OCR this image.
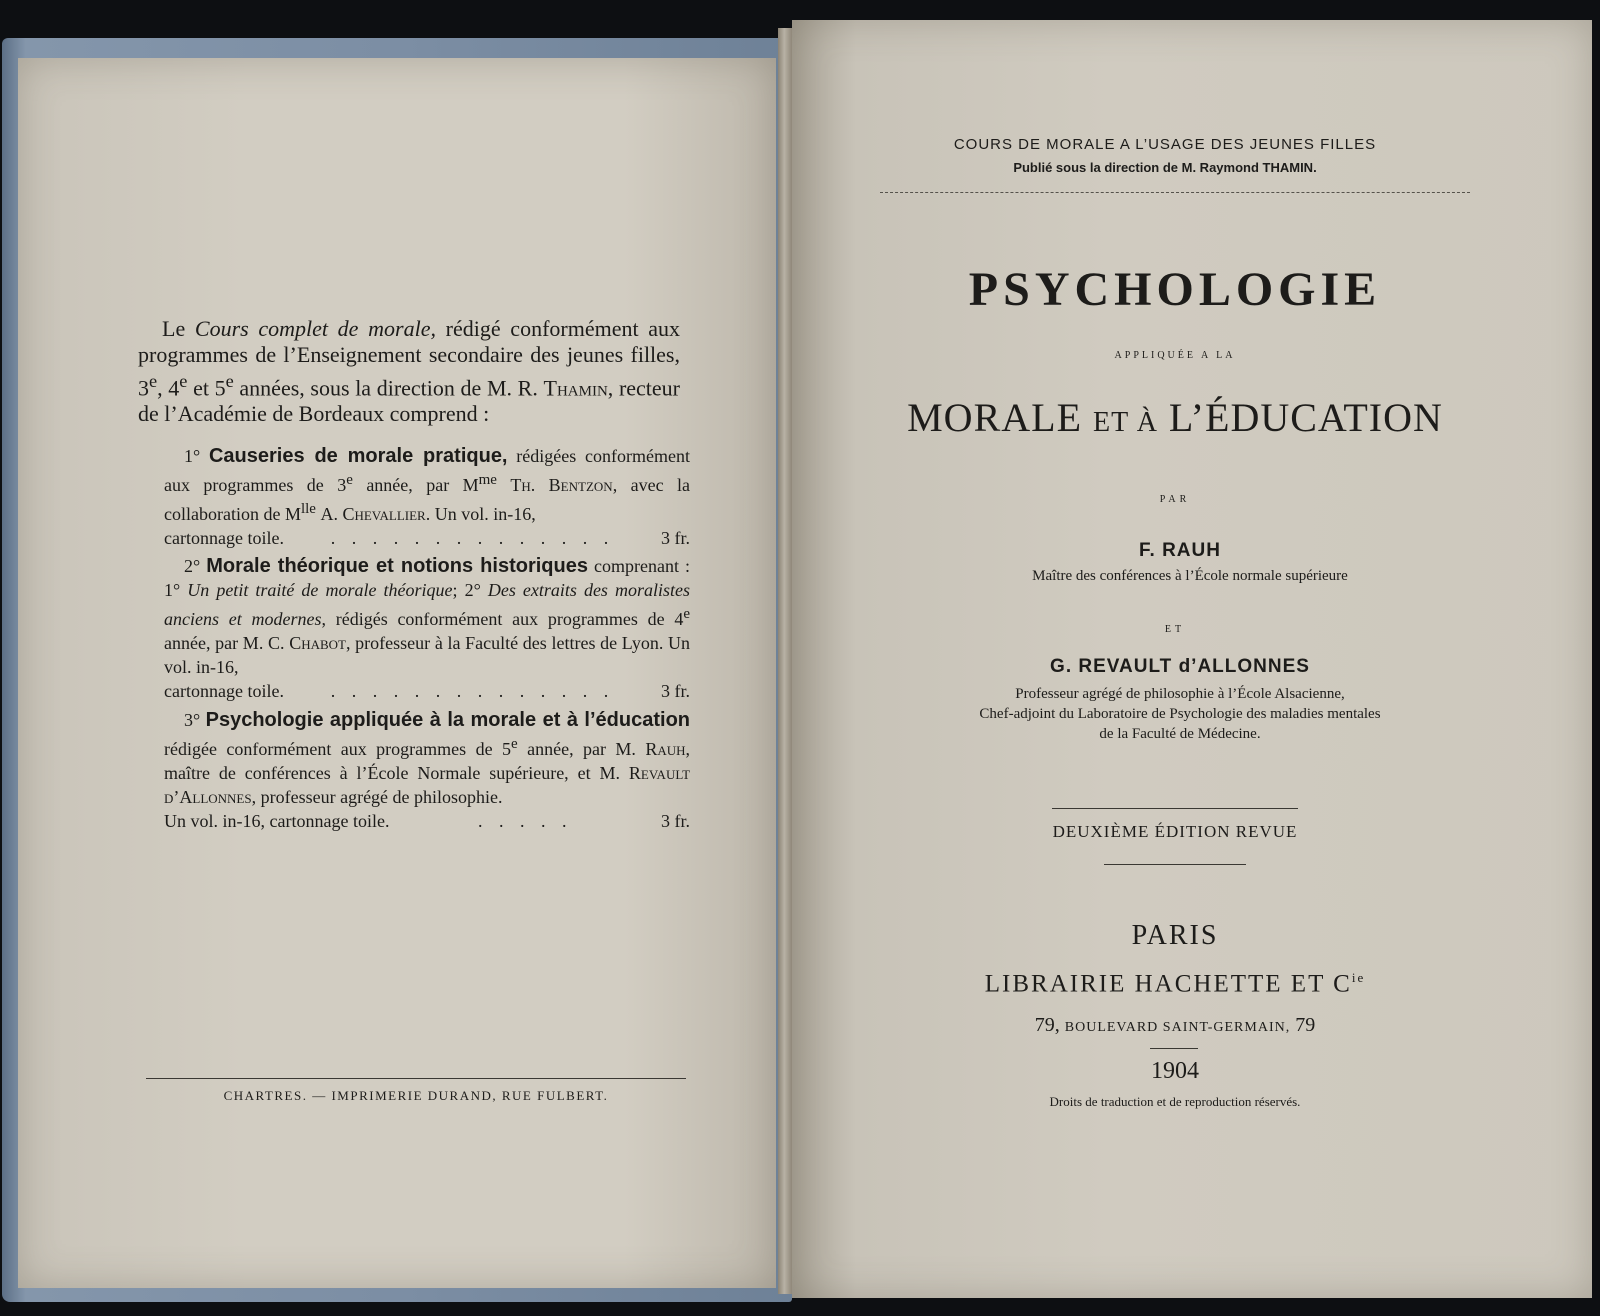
Le Cours complet de morale, rédigé conformément aux programmes de l’Enseignement secondaire des jeunes filles, 3e, 4e et 5e années, sous la direction de M. R. Thamin, recteur de l’Académie de Bordeaux comprend :
1° Causeries de morale pratique, rédigées conformément aux programmes de 3e année, par $M^{me}$ Th. Bentzon, avec la collaboration de $M^{lle}$ A. Chevallier. Un vol. in-16,
cartonnage toile.	. . . . . . . . . . . . . .	3 fr.
2° Morale théorique et notions historiques comprenant : 1° Un petit traité de morale théorique; 2° Des extraits des moralistes anciens et modernes, rédigés conformément aux programmes de 4e année, par M. C. Chabot, professeur à la Faculté des lettres de Lyon. Un vol. in-16,
cartonnage toile.	. . . . . . . . . . . . . .	3 fr.
3° Psychologie appliquée à la morale et à l’éducation rédigée conformément aux programmes de 5e année, par M. Rauh, maître de conférences à l’École Normale supérieure, et M. Revault d’Allonnes, professeur agrégé de philosophie.
Un vol. in-16, cartonnage toile.	. . . . .	3 fr.
CHARTRES. — IMPRIMERIE DURAND, RUE FULBERT.
COURS DE MORALE A L’USAGE DES JEUNES FILLES
Publié sous la direction de M. Raymond THAMIN.
PSYCHOLOGIE
APPLIQUÉE A LA
MORALE ET À L’ÉDUCATION
PAR
F. RAUH
Maître des conférences à l’École normale supérieure
ET
G. REVAULT d’ALLONNES
Professeur agrégé de philosophie à l’École Alsacienne,
Chef-adjoint du Laboratoire de Psychologie des maladies mentales
de la Faculté de Médecine.
DEUXIÈME ÉDITION REVUE
PARIS
LIBRAIRIE HACHETTE ET $C^{ie}$
79, BOULEVARD SAINT-GERMAIN, 79
1904
Droits de traduction et de reproduction réservés.
